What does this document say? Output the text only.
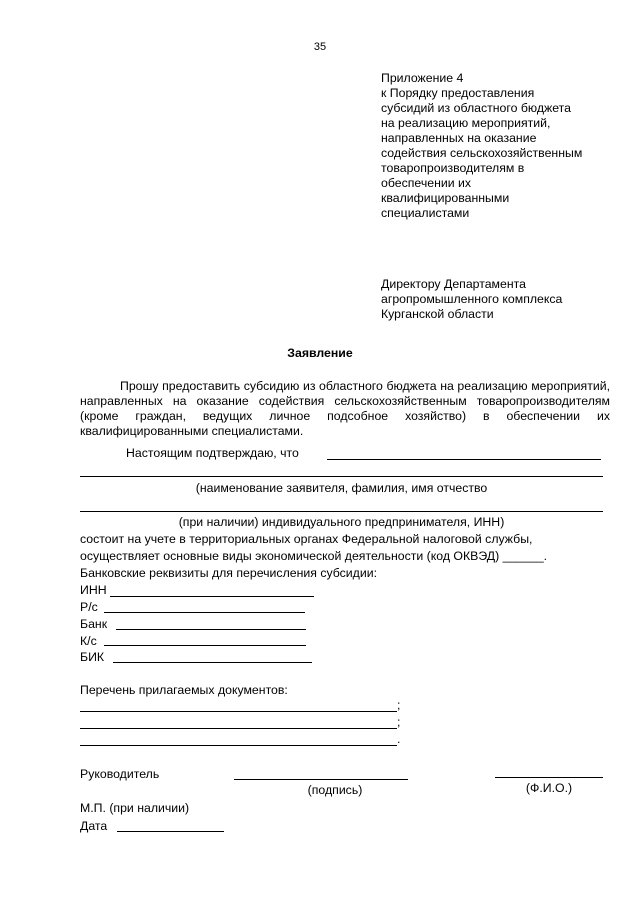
35
Приложение 4
к Порядку предоставления
субсидий из областного бюджета
на реализацию мероприятий,
направленных на оказание
содействия сельскохозяйственным
товаропроизводителям в
обеспечении их
квалифицированными
специалистами
Директору Департамента
агропромышленного комплекса
Курганской области
Заявление
Прошу предоставить субсидию из областного бюджета на реализацию мероприятий, направленных на оказание содействия сельскохозяйственным товаропроизводителям (кроме граждан, ведущих личное подсобное хозяйство) в обеспечении их квалифицированными специалистами.
Настоящим подтверждаю, что
(наименование заявителя, фамилия, имя отчество
(при наличии) индивидуального предпринимателя, ИНН)
состоит на учете в территориальных органах Федеральной налоговой службы,
осуществляет основные виды экономической деятельности (код ОКВЭД) ______.
Банковские реквизиты для перечисления субсидии:
ИНН
Р/с
Банк
К/с
БИК
Перечень прилагаемых документов:
;
;
.
Руководитель
(подпись)	(Ф.И.О.)
М.П. (при наличии)
Дата
